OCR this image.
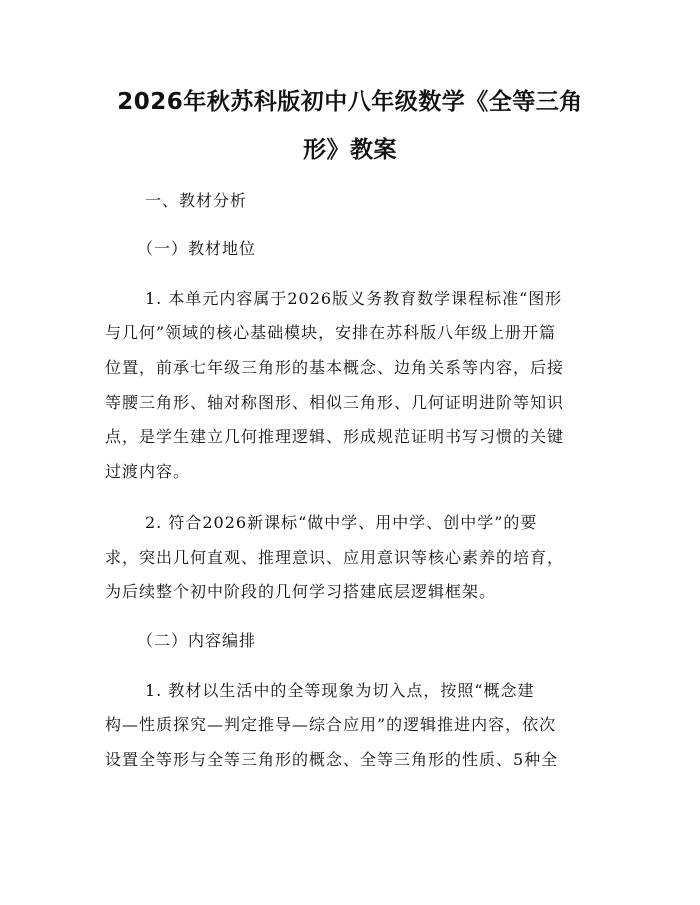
2026年秋苏科版初中八年级数学《全等三角
形》教案
一、教材分析
（一）教材地位
1. 本单元内容属于2026版义务教育数学课程标准“图形
与几何”领域的核心基础模块，安排在苏科版八年级上册开篇
位置，前承七年级三角形的基本概念、边角关系等内容，后接
等腰三角形、轴对称图形、相似三角形、几何证明进阶等知识
点，是学生建立几何推理逻辑、形成规范证明书写习惯的关键
过渡内容。
2. 符合2026新课标“做中学、用中学、创中学”的要
求，突出几何直观、推理意识、应用意识等核心素养的培育，
为后续整个初中阶段的几何学习搭建底层逻辑框架。
（二）内容编排
1. 教材以生活中的全等现象为切入点，按照“概念建
构—性质探究—判定推导—综合应用”的逻辑推进内容，依次
设置全等形与全等三角形的概念、全等三角形的性质、5种全
